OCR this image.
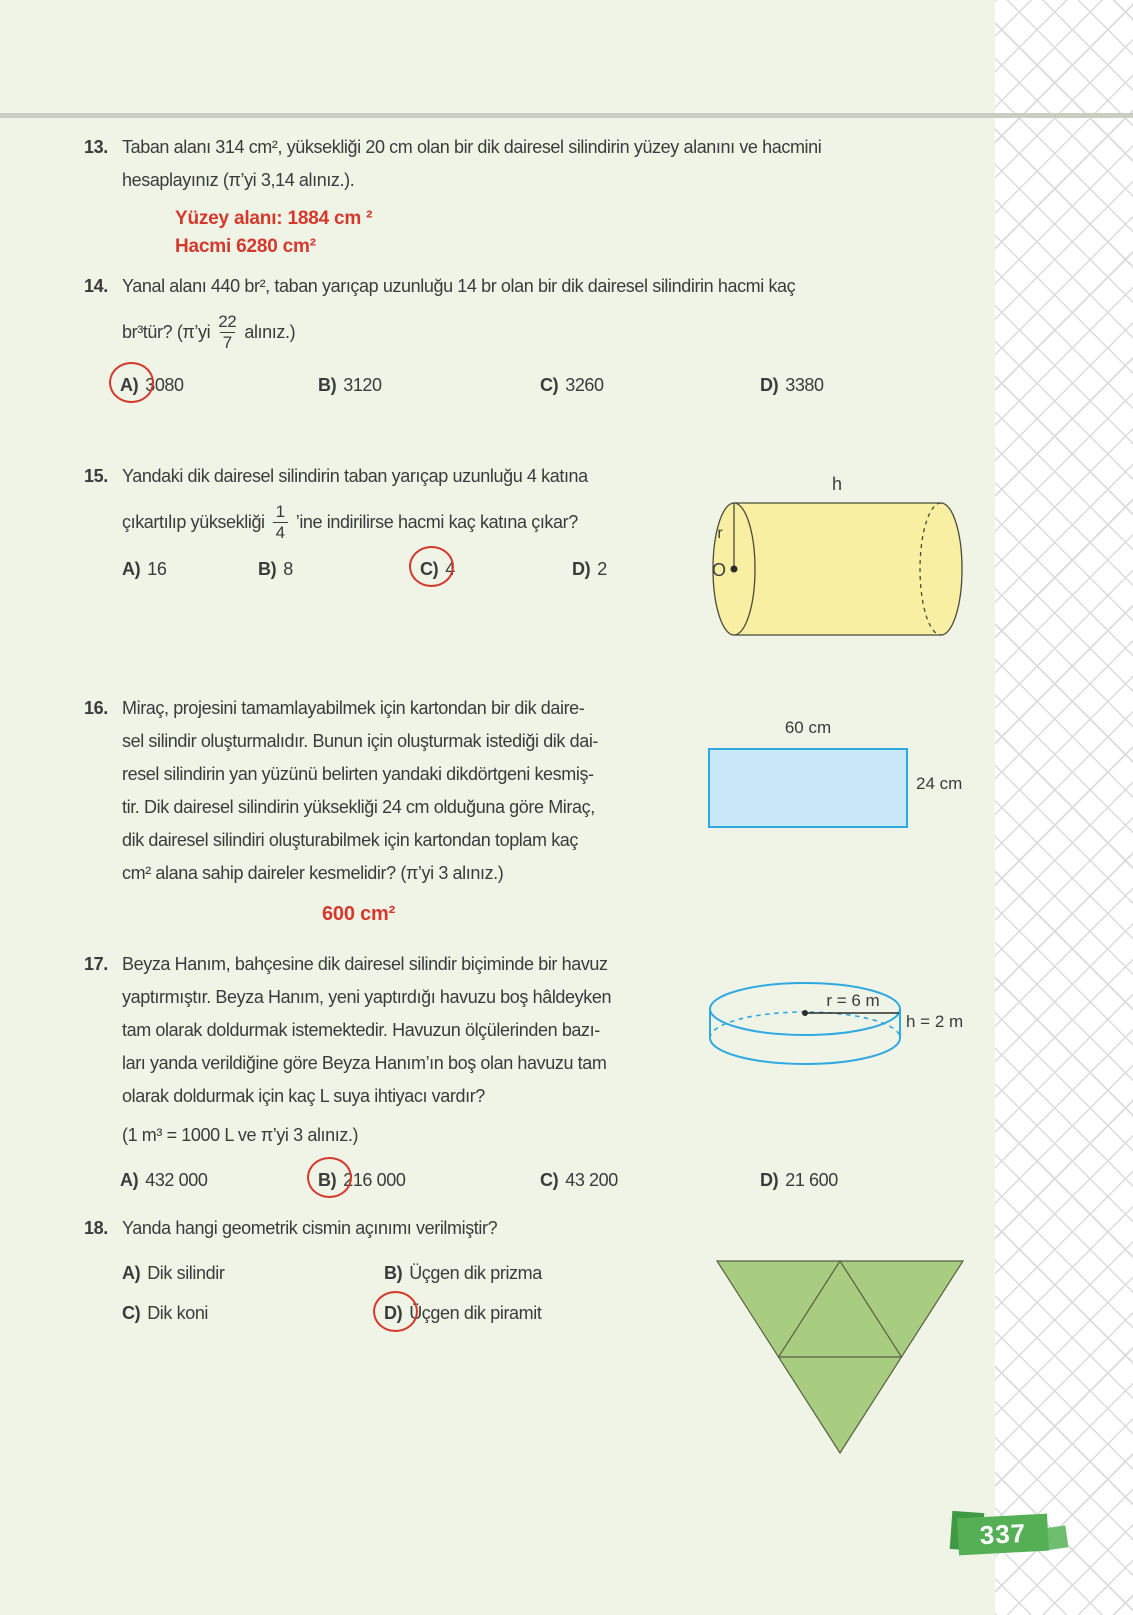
13. Taban alanı 314 cm², yüksekliği 20 cm olan bir dik dairesel silindirin yüzey alanını ve hacmini
hesaplayınız (π’yi 3,14 alınız.).
Yüzey alanı: 1884 cm ²
Hacmi 6280 cm²
14. Yanal alanı 440 br², taban yarıçap uzunluğu 14 br olan bir dik dairesel silindirin hacmi kaç
br³tür? (π’yi $\frac{22}{7}$ alınız.)
A) 3080	B) 3120	C) 3260	D) 3380
15. Yandaki dik dairesel silindirin taban yarıçap uzunluğu 4 katına
çıkartılıp yüksekliği $\frac{1}{4}$ ’ine indirilirse hacmi kaç katına çıkar?
A) 16	B) 8	C) 4	D) 2
h
r
O
16. Miraç, projesini tamamlayabilmek için kartondan bir dik daire-
sel silindir oluşturmalıdır. Bunun için oluşturmak istediği dik dai-
resel silindirin yan yüzünü belirten yandaki dikdörtgeni kesmiş-
tir. Dik dairesel silindirin yüksekliği 24 cm olduğuna göre Miraç,
dik dairesel silindiri oluşturabilmek için kartondan toplam kaç
cm² alana sahip daireler kesmelidir? (π’yi 3 alınız.)
600 cm²
60 cm
24 cm
17. Beyza Hanım, bahçesine dik dairesel silindir biçiminde bir havuz
yaptırmıştır. Beyza Hanım, yeni yaptırdığı havuzu boş hâldeyken
tam olarak doldurmak istemektedir. Havuzun ölçülerinden bazı-
ları yanda verildiğine göre Beyza Hanım’ın boş olan havuzu tam
olarak doldurmak için kaç L suya ihtiyacı vardır?
(1 m³ = 1000 L ve π’yi 3 alınız.)
A) 432 000	B) 216 000	C) 43 200	D) 21 600
r = 6 m
h = 2 m
18. Yanda hangi geometrik cismin açınımı verilmiştir?
A) Dik silindir	B) Üçgen dik prizma
C) Dik koni	D) Üçgen dik piramit
337
